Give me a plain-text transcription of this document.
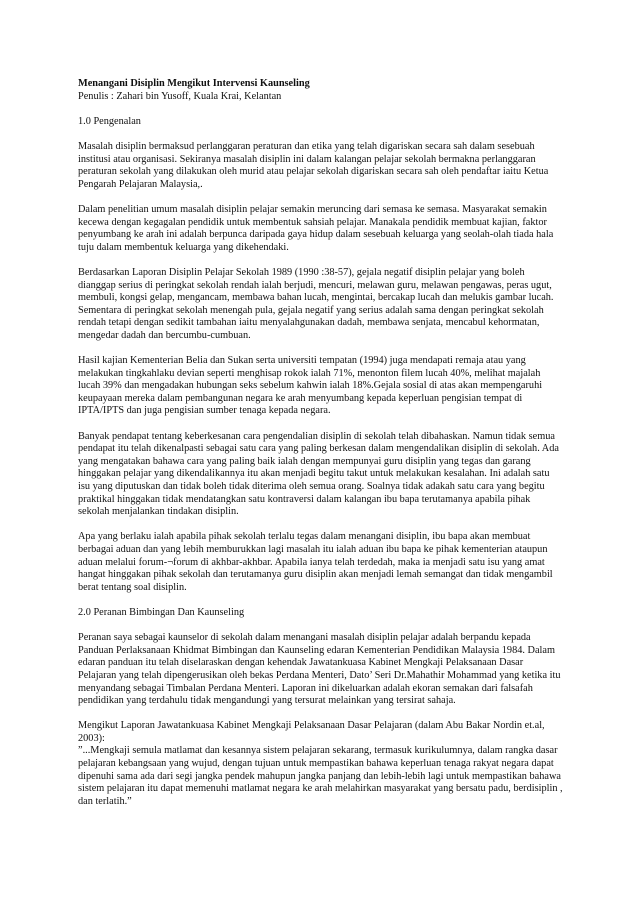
Menangani Disiplin Mengikut Intervensi Kaunseling

Penulis : Zahari bin Yusoff, Kuala Krai, Kelantan

1.0 Pengenalan

Masalah disiplin bermaksud perlanggaran peraturan dan etika yang telah digariskan secara sah dalam sesebuah institusi atau organisasi. Sekiranya masalah disiplin ini dalam kalangan pelajar sekolah bermakna perlanggaran peraturan sekolah yang dilakukan oleh murid atau pelajar sekolah digariskan secara sah oleh pendaftar iaitu Ketua Pengarah Pelajaran Malaysia,.

Dalam penelitian umum masalah disiplin pelajar semakin meruncing dari semasa ke semasa. Masyarakat semakin kecewa dengan kegagalan pendidik untuk membentuk sahsiah pelajar. Manakala pendidik membuat kajian, faktor penyumbang ke arah ini adalah berpunca daripada gaya hidup dalam sesebuah keluarga yang seolah-olah tiada hala tuju dalam membentuk keluarga yang dikehendaki.

Berdasarkan Laporan Disiplin Pelajar Sekolah 1989 (1990 :38-57), gejala negatif disiplin pelajar yang boleh dianggap serius di peringkat sekolah rendah ialah berjudi, mencuri, melawan guru, melawan pengawas, peras ugut, membuli, kongsi gelap, mengancam, membawa bahan lucah, mengintai, bercakap lucah dan melukis gambar lucah. Sementara di peringkat sekolah menengah pula, gejala negatif yang serius adalah sama dengan peringkat sekolah rendah tetapi dengan sedikit tambahan iaitu menyalahgunakan dadah, membawa senjata, mencabul kehormatan, mengedar dadah dan bercumbu-cumbuan.

Hasil kajian Kementerian Belia dan Sukan serta universiti tempatan (1994) juga mendapati remaja atau yang melakukan tingkahlaku devian seperti menghisap rokok ialah 71%, menonton filem lucah 40%, melihat majalah lucah 39% dan mengadakan hubungan seks sebelum kahwin ialah 18%.Gejala sosial di atas akan mempengaruhi keupayaan mereka dalam pembangunan negara ke arah menyumbang kepada keperluan pengisian tempat di IPTA/IPTS dan juga pengisian sumber tenaga kepada negara.

Banyak pendapat tentang keberkesanan cara pengendalian disiplin di sekolah telah dibahaskan. Namun tidak semua pendapat itu telah dikenalpasti sebagai satu cara yang paling berkesan dalam mengendalikan disiplin di sekolah. Ada yang mengatakan bahawa cara yang paling baik ialah dengan mempunyai guru disiplin yang tegas dan garang hinggakan pelajar yang dikendalikannya itu akan menjadi begitu takut untuk melakukan kesalahan. Ini adalah satu isu yang diputuskan dan tidak boleh tidak diterima oleh semua orang. Soalnya tidak adakah satu cara yang begitu praktikal hinggakan tidak mendatangkan satu kontraversi dalam kalangan ibu bapa terutamanya apabila pihak sekolah menjalankan tindakan disiplin.

Apa yang berlaku ialah apabila pihak sekolah terlalu tegas dalam menangani disiplin, ibu bapa akan membuat berbagai aduan dan yang lebih memburukkan lagi masalah itu ialah aduan ibu bapa ke pihak kementerian ataupun aduan melalui forum-¬forum di akhbar-akhbar. Apabila ianya telah terdedah, maka ia menjadi satu isu yang amat hangat hinggakan pihak sekolah dan terutamanya guru disiplin akan menjadi lemah semangat dan tidak mengambil berat tentang soal disiplin.

2.0 Peranan Bimbingan Dan Kaunseling

Peranan saya sebagai kaunselor di sekolah dalam menangani masalah disiplin pelajar adalah berpandu kepada Panduan Perlaksanaan Khidmat Bimbingan dan Kaunseling edaran Kementerian Pendidikan Malaysia 1984. Dalam edaran panduan itu telah diselaraskan dengan kehendak Jawatankuasa Kabinet Mengkaji Pelaksanaan Dasar Pelajaran yang telah dipengerusikan oleh bekas Perdana Menteri, Dato’ Seri Dr.Mahathir Mohammad yang ketika itu menyandang sebagai Timbalan Perdana Menteri. Laporan ini dikeluarkan adalah ekoran semakan dari falsafah pendidikan yang terdahulu tidak mengandungi yang tersurat melainkan yang tersirat sahaja.

Mengikut Laporan Jawatankuasa Kabinet Mengkaji Pelaksanaan Dasar Pelajaran (dalam Abu Bakar Nordin et.al, 2003):

”...Mengkaji semula matlamat dan kesannya sistem pelajaran sekarang, termasuk kurikulumnya, dalam rangka dasar pelajaran kebangsaan yang wujud, dengan tujuan untuk mempastikan bahawa keperluan tenaga rakyat negara dapat dipenuhi sama ada dari segi jangka pendek mahupun jangka panjang dan lebih-lebih lagi untuk mempastikan bahawa sistem pelajaran itu dapat memenuhi matlamat negara ke arah melahirkan masyarakat yang bersatu padu, berdisiplin , dan terlatih.”
